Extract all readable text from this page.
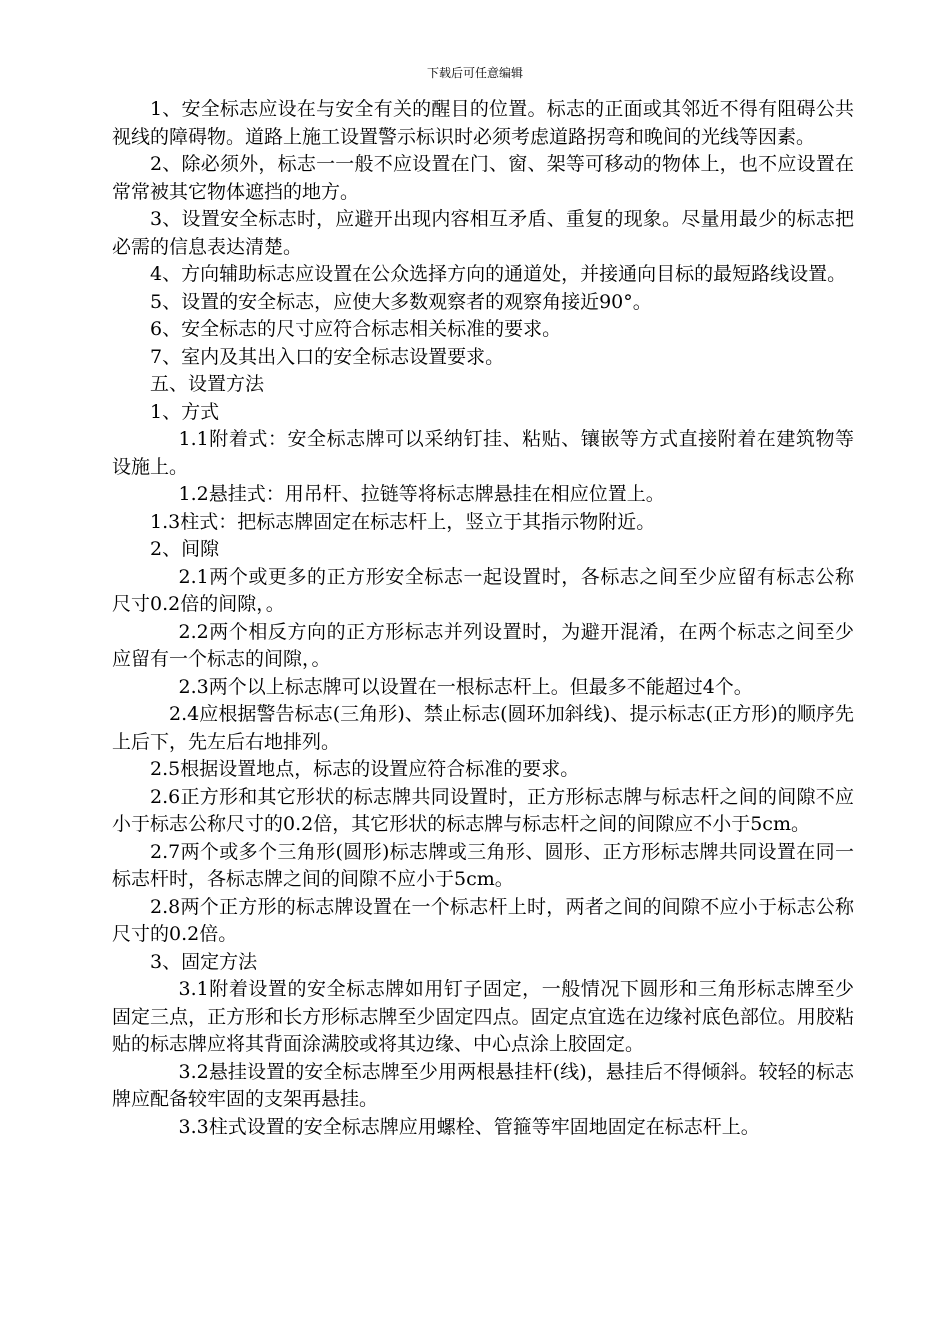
下载后可任意编辑

1、安全标志应设在与安全有关的醒目的位置。标志的正面或其邻近不得有阻碍公共视线的障碍物。道路上施工设置警示标识时必须考虑道路拐弯和晚间的光线等因素。

2、除必须外，标志一一般不应设置在门、窗、架等可移动的物体上，也不应设置在常常被其它物体遮挡的地方。

3、设置安全标志时，应避开出现内容相互矛盾、重复的现象。尽量用最少的标志把必需的信息表达清楚。

4、方向辅助标志应设置在公众选择方向的通道处，并接通向目标的最短路线设置。

5、设置的安全标志，应使大多数观察者的观察角接近90°。

6、安全标志的尺寸应符合标志相关标准的要求。

7、室内及其出入口的安全标志设置要求。

五、设置方法

1、方式

1.1附着式：安全标志牌可以采纳钉挂、粘贴、镶嵌等方式直接附着在建筑物等设施上。

1.2悬挂式：用吊杆、拉链等将标志牌悬挂在相应位置上。

1.3柱式：把标志牌固定在标志杆上，竖立于其指示物附近。

2、间隙

2.1两个或更多的正方形安全标志一起设置时，各标志之间至少应留有标志公称尺寸0.2倍的间隙，。

2.2两个相反方向的正方形标志并列设置时，为避开混淆，在两个标志之间至少应留有一个标志的间隙，。

2.3两个以上标志牌可以设置在一根标志杆上。但最多不能超过4个。

2.4应根据警告标志(三角形)、禁止标志(圆环加斜线)、提示标志(正方形)的顺序先上后下，先左后右地排列。

2.5根据设置地点，标志的设置应符合标准的要求。

2.6正方形和其它形状的标志牌共同设置时，正方形标志牌与标志杆之间的间隙不应小于标志公称尺寸的0.2倍，其它形状的标志牌与标志杆之间的间隙应不小于5cm。

2.7两个或多个三角形(圆形)标志牌或三角形、圆形、正方形标志牌共同设置在同一标志杆时，各标志牌之间的间隙不应小于5cm。

2.8两个正方形的标志牌设置在一个标志杆上时，两者之间的间隙不应小于标志公称尺寸的0.2倍。

3、固定方法

3.1附着设置的安全标志牌如用钉子固定，一般情况下圆形和三角形标志牌至少固定三点，正方形和长方形标志牌至少固定四点。固定点宜选在边缘衬底色部位。用胶粘贴的标志牌应将其背面涂满胶或将其边缘、中心点涂上胶固定。

3.2悬挂设置的安全标志牌至少用两根悬挂杆(线)，悬挂后不得倾斜。较轻的标志牌应配备较牢固的支架再悬挂。

3.3柱式设置的安全标志牌应用螺栓、管箍等牢固地固定在标志杆上。
